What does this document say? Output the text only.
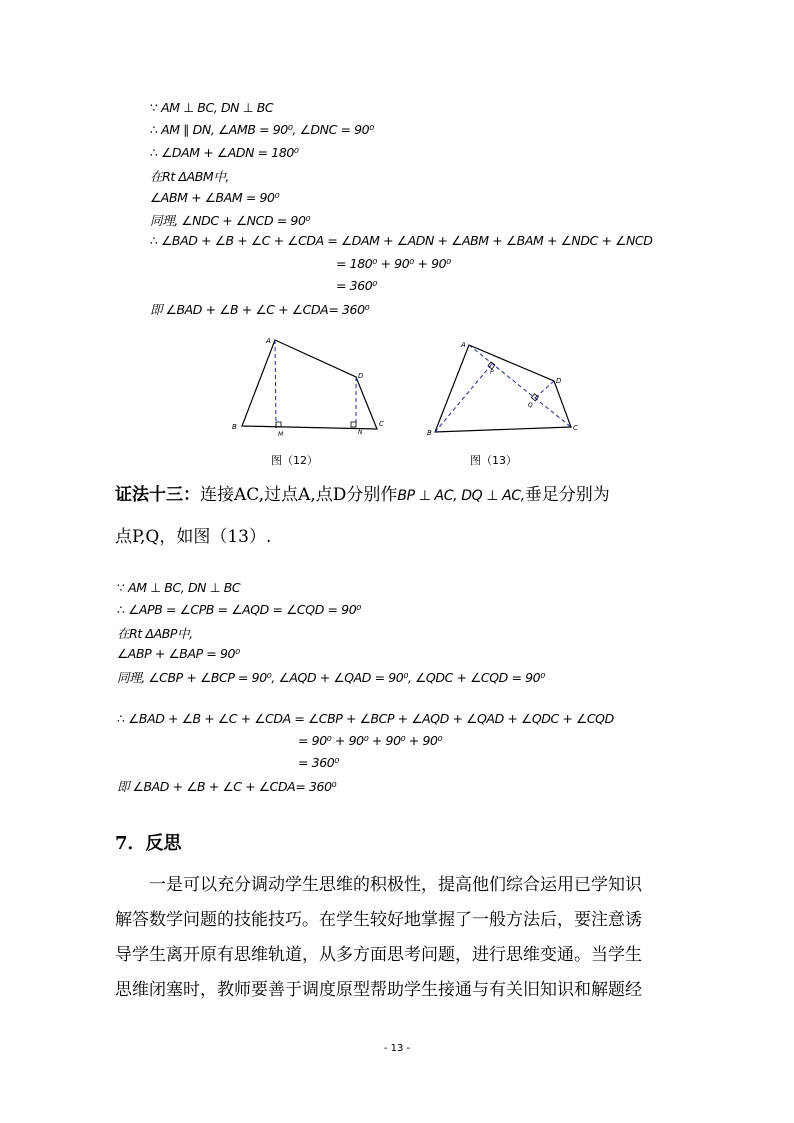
∵ AM ⊥ BC, DN ⊥ BC
∴ AM ∥ DN, ∠AMB = 90⁰, ∠DNC = 90⁰
∴ ∠DAM + ∠ADN = 180⁰
在Rt ΔABM中,
∠ABM + ∠BAM = 90⁰
同理, ∠NDC + ∠NCD = 90⁰
∴ ∠BAD + ∠B + ∠C + ∠CDA = ∠DAM + ∠ADN + ∠ABM + ∠BAM + ∠NDC + ∠NCD
= 180⁰ + 90⁰ + 90⁰
= 360⁰
即 ∠BAD + ∠B + ∠C + ∠CDA= 360⁰
A
B	C
D
M	N
图（12）
A
B
C
D
P
Q
图（13）
证法十三：连接AC,过点A,点D分别作BP ⊥ AC, DQ ⊥ AC,垂足分别为
点P,Q，如图（13）.
∵ AM ⊥ BC, DN ⊥ BC
∴ ∠APB = ∠CPB = ∠AQD = ∠CQD = 90⁰
在Rt ΔABP中,
∠ABP + ∠BAP = 90⁰
同理, ∠CBP + ∠BCP = 90⁰, ∠AQD + ∠QAD = 90⁰, ∠QDC + ∠CQD = 90⁰
∴ ∠BAD + ∠B + ∠C + ∠CDA = ∠CBP + ∠BCP + ∠AQD + ∠QAD + ∠QDC + ∠CQD
= 90⁰ + 90⁰ + 90⁰ + 90⁰
= 360⁰
即 ∠BAD + ∠B + ∠C + ∠CDA= 360⁰
7．反思
一是可以充分调动学生思维的积极性，提高他们综合运用已学知识
解答数学问题的技能技巧。在学生较好地掌握了一般方法后，要注意诱
导学生离开原有思维轨道，从多方面思考问题，进行思维变通。当学生
思维闭塞时，教师要善于调度原型帮助学生接通与有关旧知识和解题经
- 13 -
